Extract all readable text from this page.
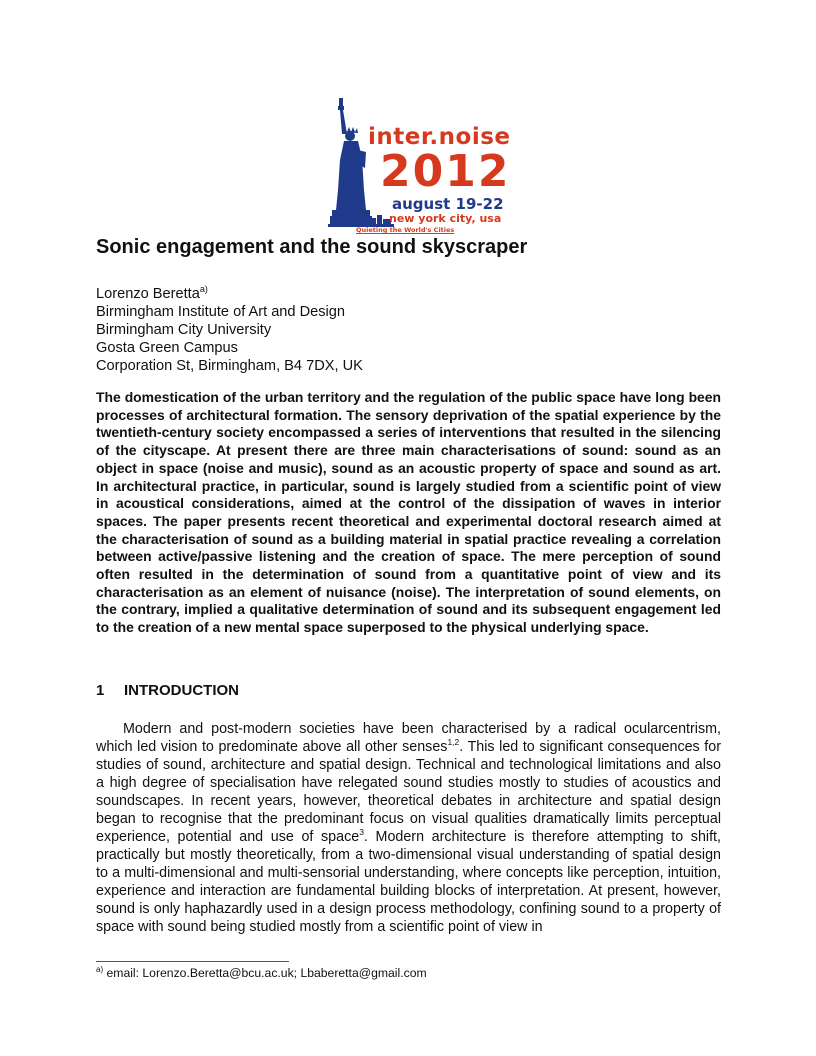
inter.noise
2012
august 19-22
new york city, usa
Quieting the World's Cities
Sonic engagement and the sound skyscraper

Lorenzo Beretta$^{a)}$
Birmingham Institute of Art and Design
Birmingham City University
Gosta Green Campus
Corporation St, Birmingham, B4 7DX, UK

The domestication of the urban territory and the regulation of the public space have long been processes of architectural formation. The sensory deprivation of the spatial experience by the twentieth-century society encompassed a series of interventions that resulted in the silencing of the cityscape. At present there are three main characterisations of sound: sound as an object in space (noise and music), sound as an acoustic property of space and sound as art. In architectural practice, in particular, sound is largely studied from a scientific point of view in acoustical considerations, aimed at the control of the dissipation of waves in interior spaces. The paper presents recent theoretical and experimental doctoral research aimed at the characterisation of sound as a building material in spatial practice revealing a correlation between active/passive listening and the creation of space. The mere perception of sound often resulted in the determination of sound from a quantitative point of view and its characterisation as an element of nuisance (noise). The interpretation of sound elements, on the contrary, implied a qualitative determination of sound and its subsequent engagement led to the creation of a new mental space superposed to the physical underlying space.

1 INTRODUCTION

Modern and post-modern societies have been characterised by a radical ocularcentrism, which led vision to predominate above all other senses$^{1,2}$. This led to significant consequences for studies of sound, architecture and spatial design. Technical and technological limitations and also a high degree of specialisation have relegated sound studies mostly to studies of acoustics and soundscapes. In recent years, however, theoretical debates in architecture and spatial design began to recognise that the predominant focus on visual qualities dramatically limits perceptual experience, potential and use of space$^3$. Modern architecture is therefore attempting to shift, practically but mostly theoretically, from a two-dimensional visual understanding of spatial design to a multi-dimensional and multi-sensorial understanding, where concepts like perception, intuition, experience and interaction are fundamental building blocks of interpretation. At present, however, sound is only haphazardly used in a design process methodology, confining sound to a property of space with sound being studied mostly from a scientific point of view in

$^{a)}$ email: Lorenzo.Beretta@bcu.ac.uk; Lbaberetta@gmail.com
